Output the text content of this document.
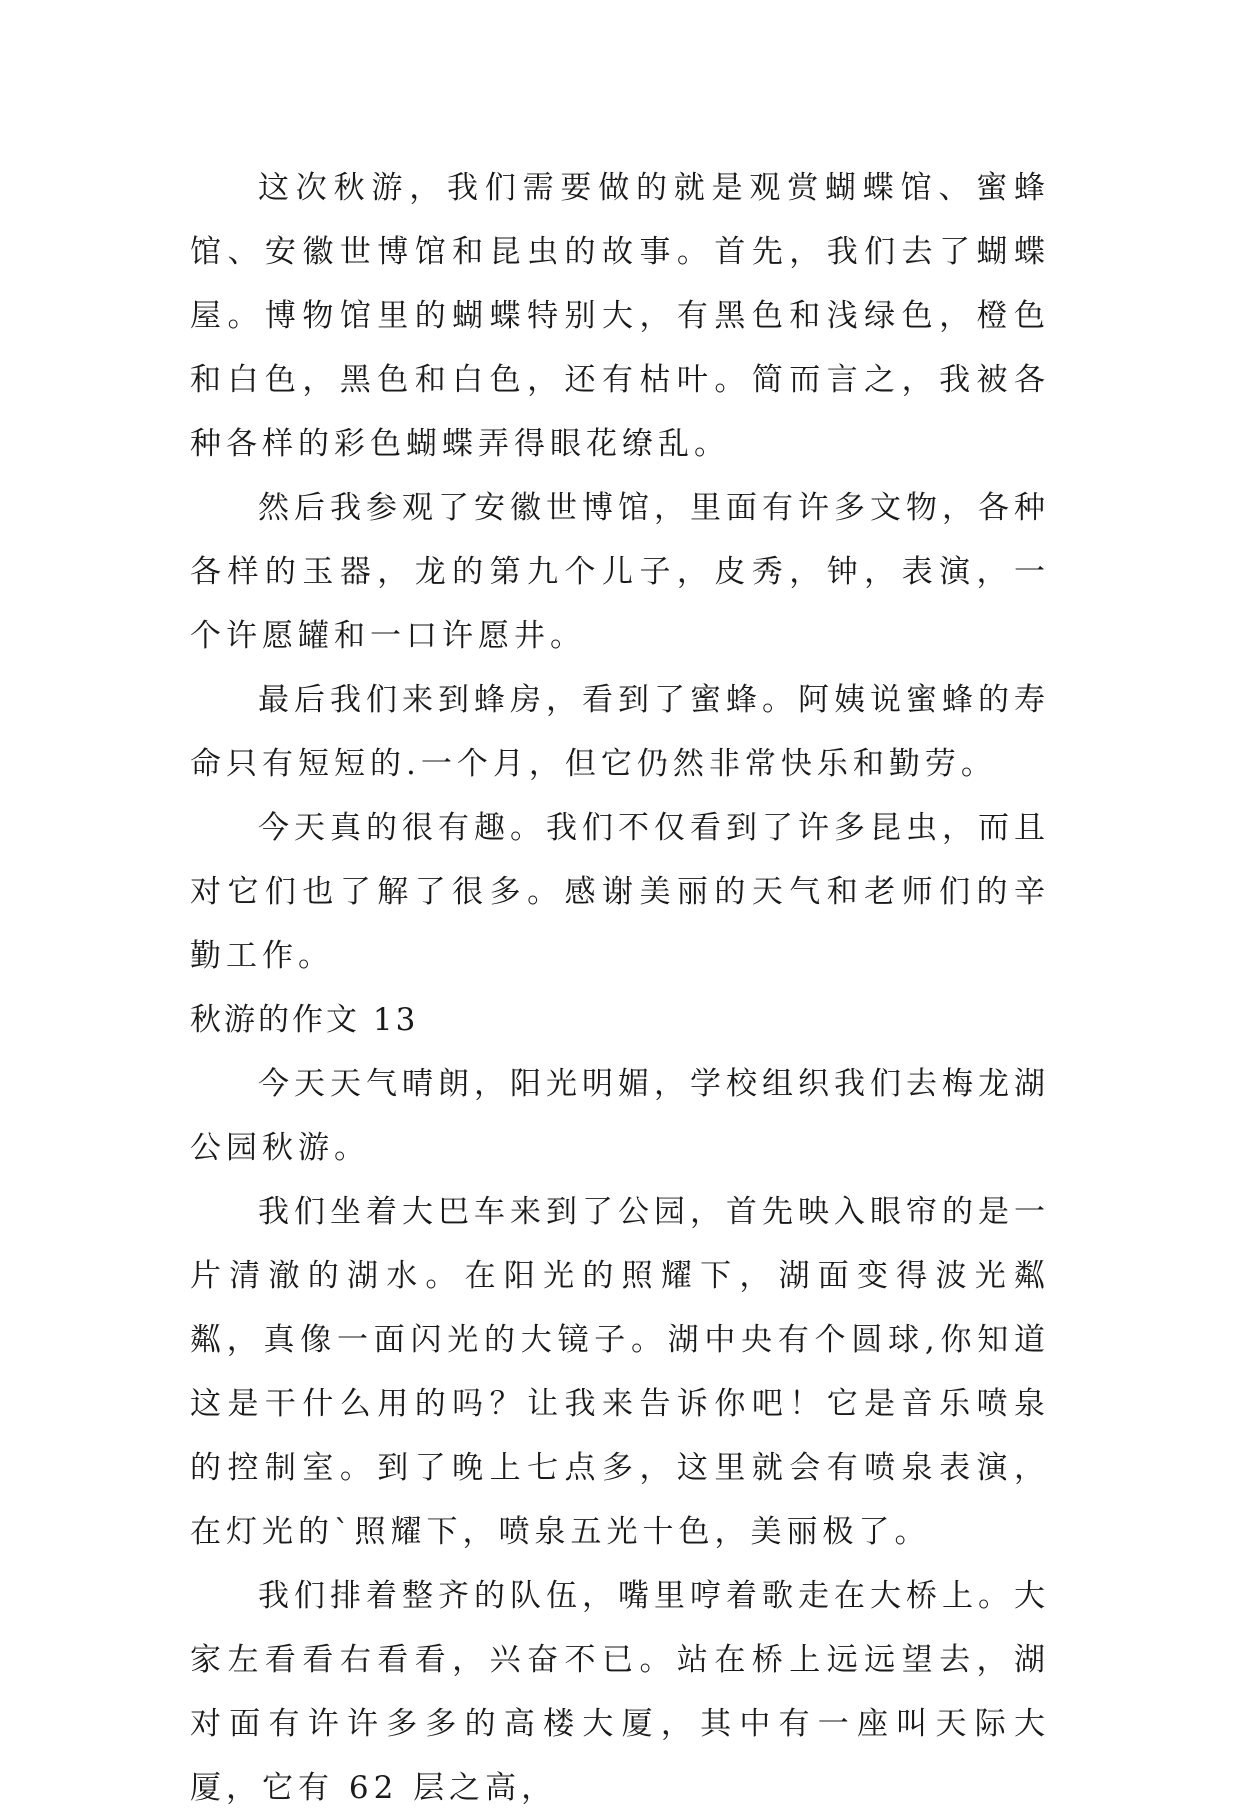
这次秋游，我们需要做的就是观赏蝴蝶馆、蜜蜂馆、安徽世博馆和昆虫的故事。首先，我们去了蝴蝶屋。博物馆里的蝴蝶特别大，有黑色和浅绿色，橙色和白色，黑色和白色，还有枯叶。简而言之，我被各种各样的彩色蝴蝶弄得眼花缭乱。

然后我参观了安徽世博馆，里面有许多文物，各种各样的玉器，龙的第九个儿子，皮秀，钟，表演，一个许愿罐和一口许愿井。

最后我们来到蜂房，看到了蜜蜂。阿姨说蜜蜂的寿命只有短短的.一个月，但它仍然非常快乐和勤劳。

今天真的很有趣。我们不仅看到了许多昆虫，而且对它们也了解了很多。感谢美丽的天气和老师们的辛勤工作。

秋游的作文 13

今天天气晴朗，阳光明媚，学校组织我们去梅龙湖公园秋游。

我们坐着大巴车来到了公园，首先映入眼帘的是一片清澈的湖水。在阳光的照耀下，湖面变得波光粼粼，真像一面闪光的大镜子。湖中央有个圆球,你知道这是干什么用的吗？让我来告诉你吧！它是音乐喷泉的控制室。到了晚上七点多，这里就会有喷泉表演，在灯光的`照耀下，喷泉五光十色，美丽极了。

我们排着整齐的队伍，嘴里哼着歌走在大桥上。大家左看看右看看，兴奋不已。站在桥上远远望去，湖对面有许许多多的高楼大厦，其中有一座叫天际大厦，它有 62 层之高，
